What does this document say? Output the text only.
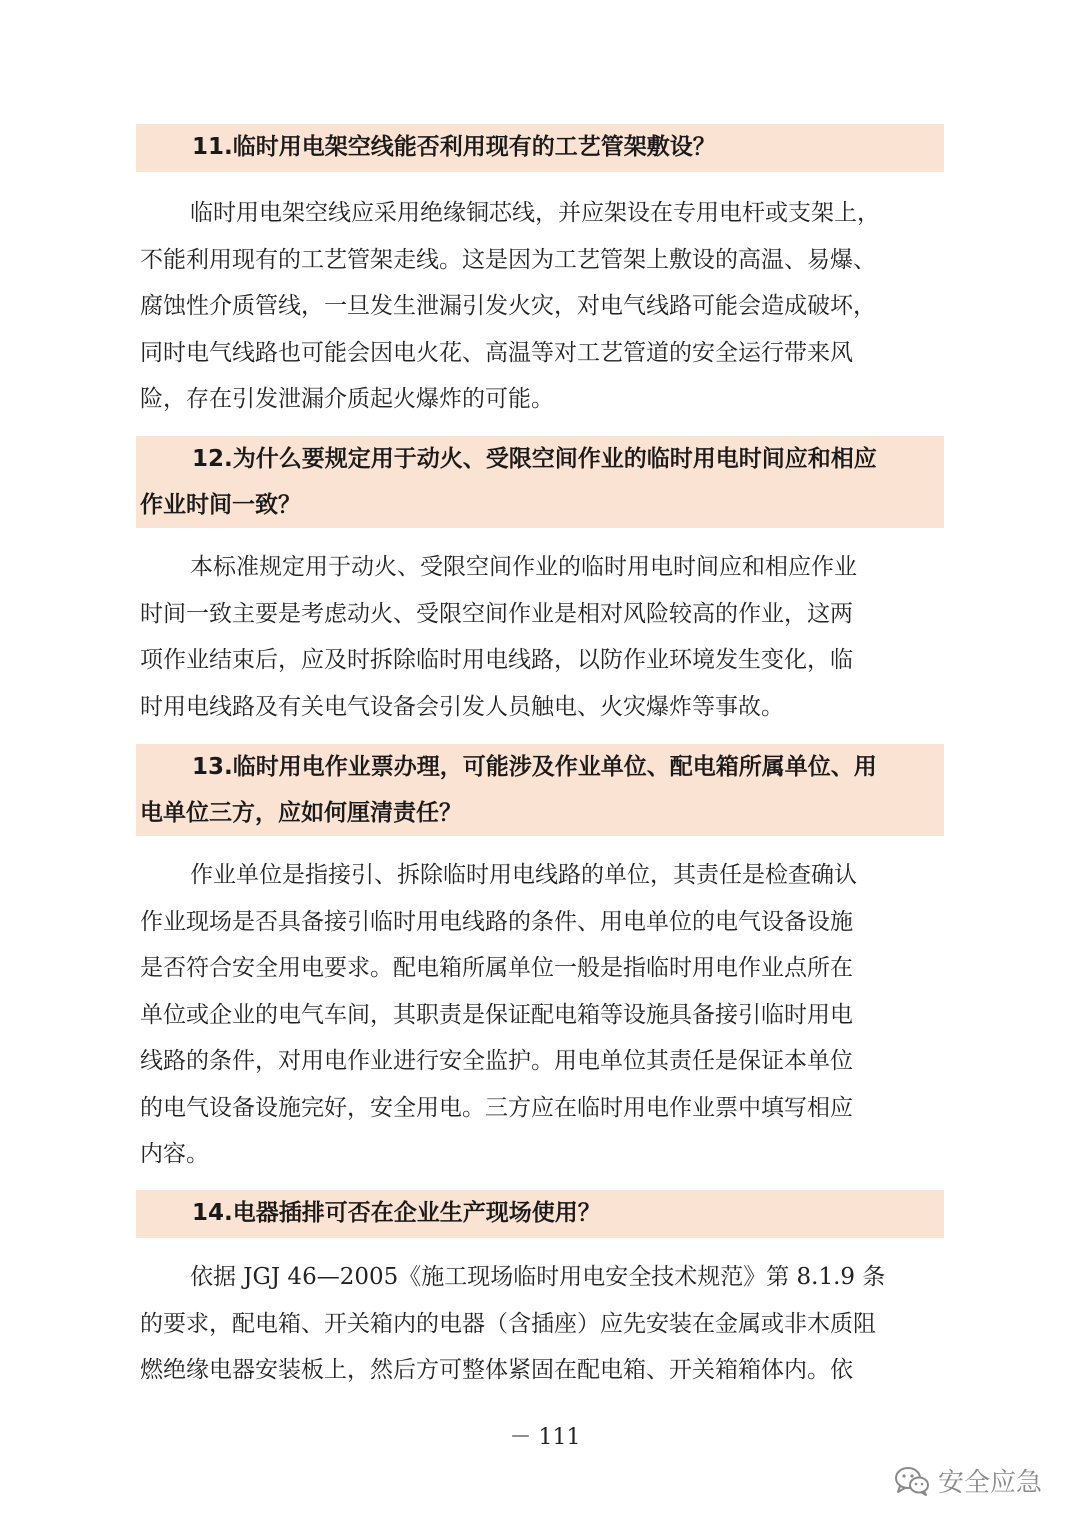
11.临时用电架空线能否利用现有的工艺管架敷设？

临时用电架空线应采用绝缘铜芯线，并应架设在专用电杆或支架上，
不能利用现有的工艺管架走线。这是因为工艺管架上敷设的高温、易爆、
腐蚀性介质管线，一旦发生泄漏引发火灾，对电气线路可能会造成破坏，
同时电气线路也可能会因电火花、高温等对工艺管道的安全运行带来风
险，存在引发泄漏介质起火爆炸的可能。

12.为什么要规定用于动火、受限空间作业的临时用电时间应和相应

作业时间一致？

本标准规定用于动火、受限空间作业的临时用电时间应和相应作业
时间一致主要是考虑动火、受限空间作业是相对风险较高的作业，这两
项作业结束后，应及时拆除临时用电线路，以防作业环境发生变化，临
时用电线路及有关电气设备会引发人员触电、火灾爆炸等事故。

13.临时用电作业票办理，可能涉及作业单位、配电箱所属单位、用

电单位三方，应如何厘清责任？

作业单位是指接引、拆除临时用电线路的单位，其责任是检查确认
作业现场是否具备接引临时用电线路的条件、用电单位的电气设备设施
是否符合安全用电要求。配电箱所属单位一般是指临时用电作业点所在
单位或企业的电气车间，其职责是保证配电箱等设施具备接引临时用电
线路的条件，对用电作业进行安全监护。用电单位其责任是保证本单位
的电气设备设施完好，安全用电。三方应在临时用电作业票中填写相应
内容。

14.电器插排可否在企业生产现场使用？

依据 JGJ 46—2005《施工现场临时用电安全技术规范》第 8.1.9 条
的要求，配电箱、开关箱内的电器（含插座）应先安装在金属或非木质阻
燃绝缘电器安装板上，然后方可整体紧固在配电箱、开关箱箱体内。依
－ 111
安全应急
